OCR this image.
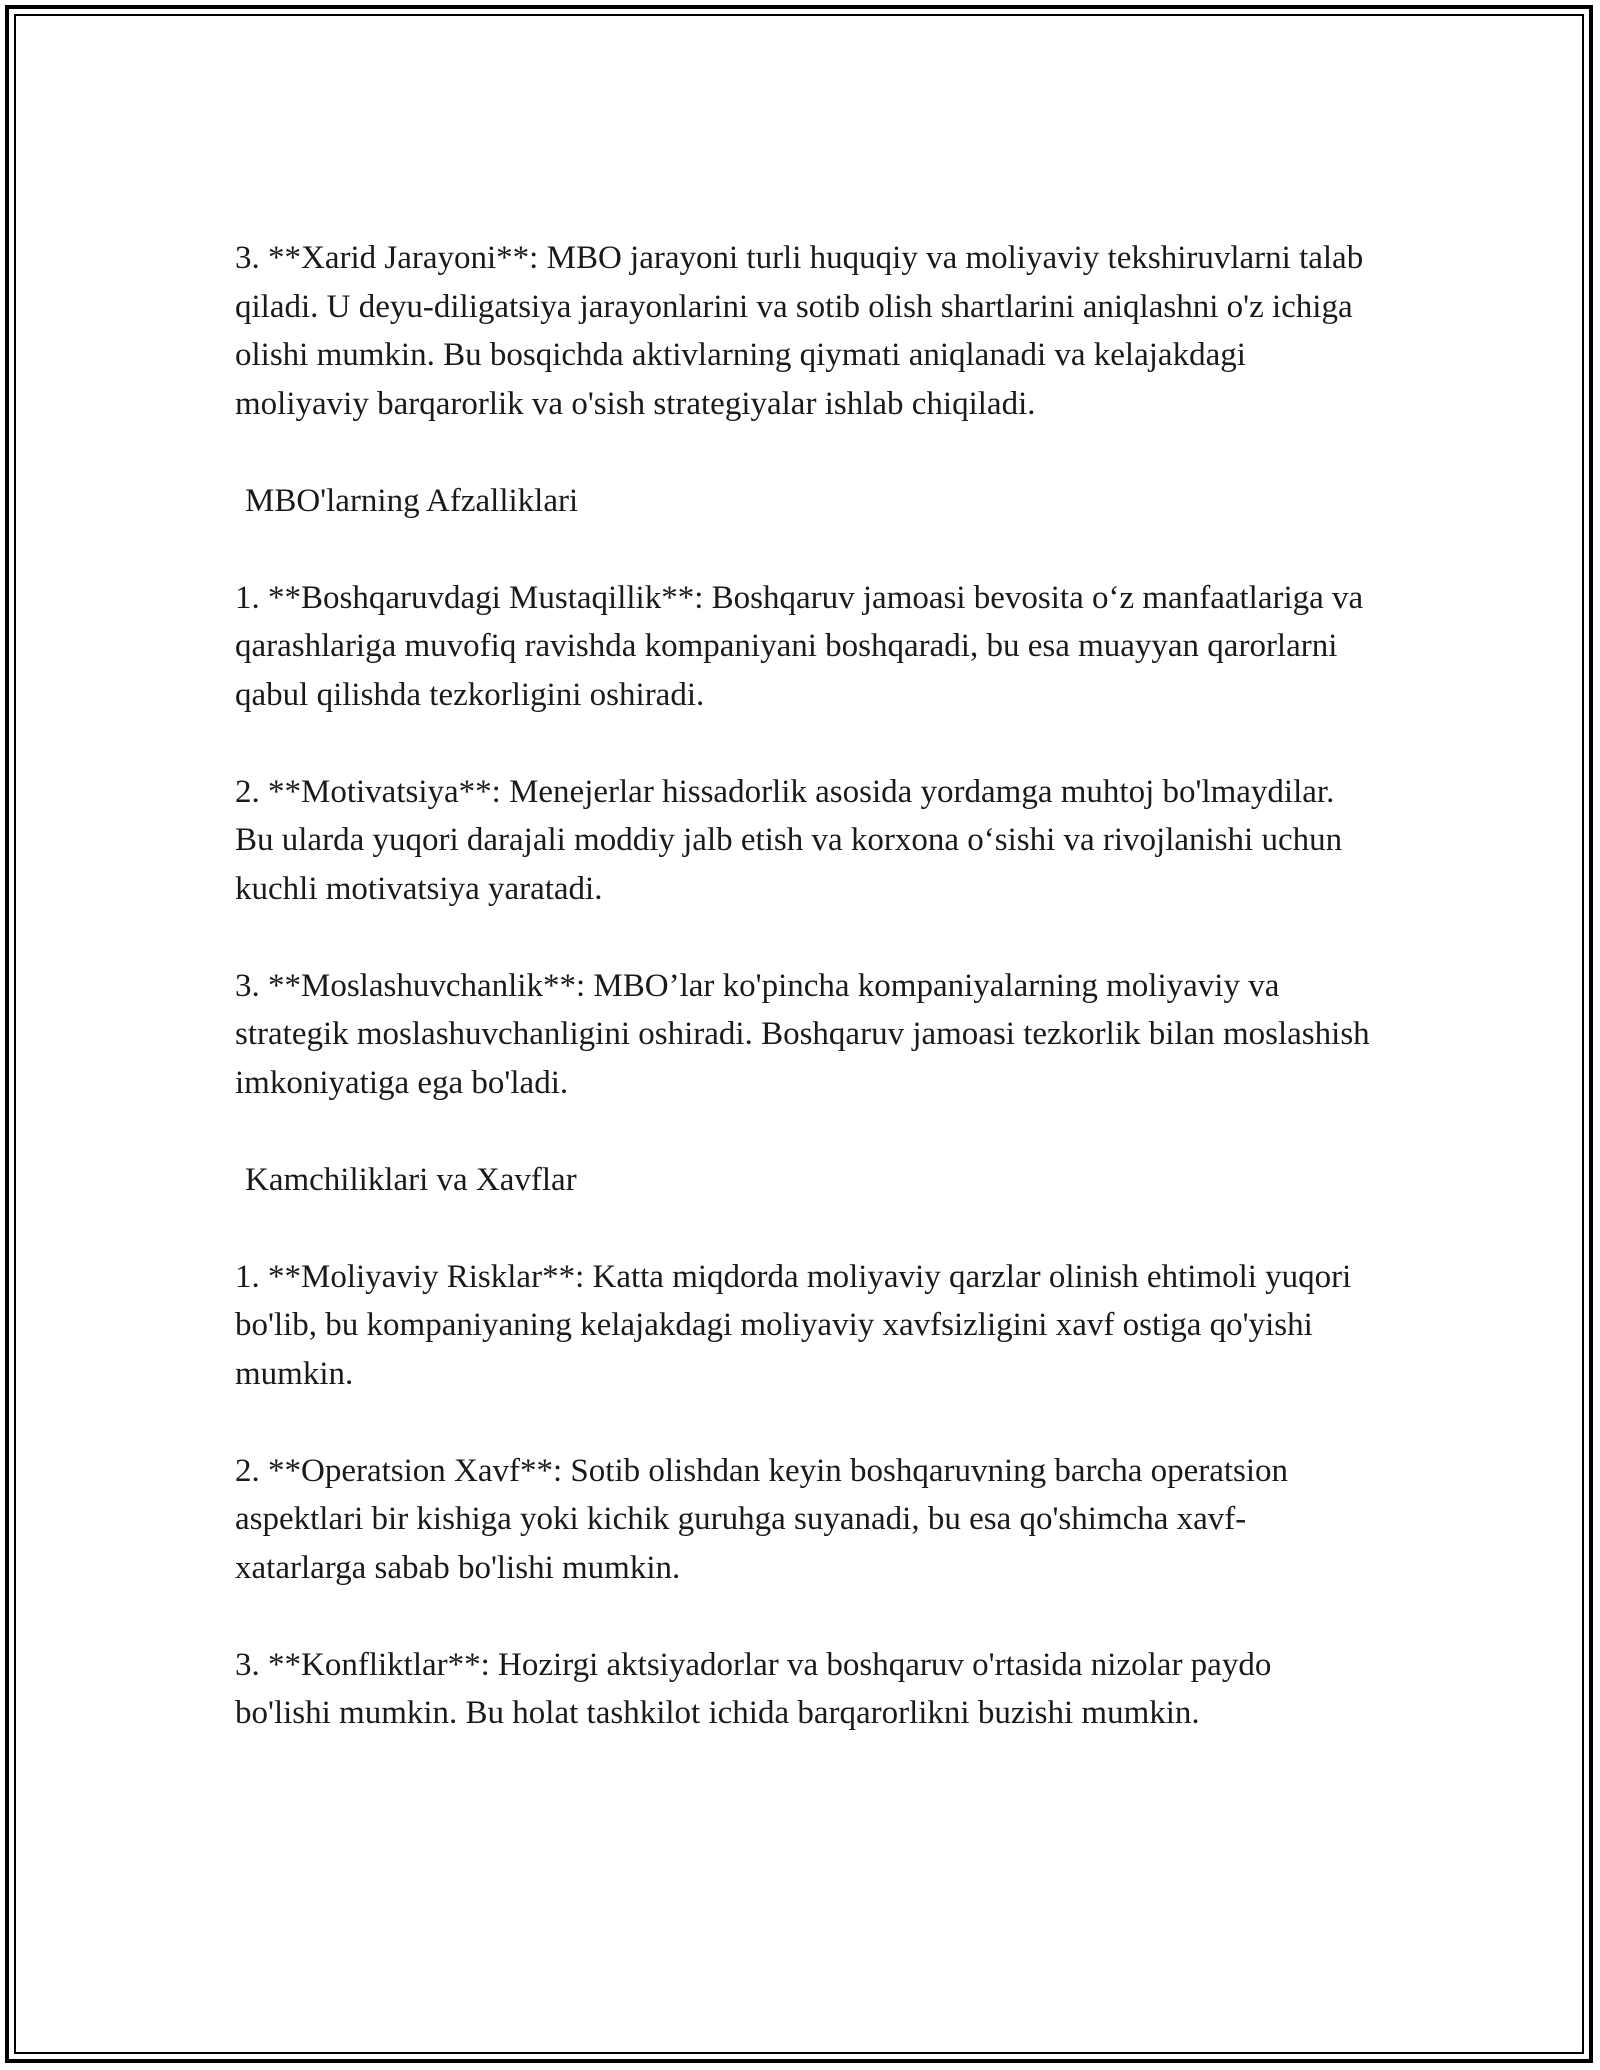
3. **Xarid Jarayoni**: MBO jarayoni turli huquqiy va moliyaviy tekshiruvlarni talab qiladi. U deyu-diligatsiya jarayonlarini va sotib olish shartlarini aniqlashni o'z ichiga olishi mumkin. Bu bosqichda aktivlarning qiymati aniqlanadi va kelajakdagi moliyaviy barqarorlik va o'sish strategiyalar ishlab chiqiladi.

MBO'larning Afzalliklari

1. **Boshqaruvdagi Mustaqillik**: Boshqaruv jamoasi bevosita o‘z manfaatlariga va qarashlariga muvofiq ravishda kompaniyani boshqaradi, bu esa muayyan qarorlarni qabul qilishda tezkorligini oshiradi.

2. **Motivatsiya**: Menejerlar hissadorlik asosida yordamga muhtoj bo'lmaydilar. Bu ularda yuqori darajali moddiy jalb etish va korxona o‘sishi va rivojlanishi uchun kuchli motivatsiya yaratadi.

3. **Moslashuvchanlik**: MBO’lar ko'pincha kompaniyalarning moliyaviy va strategik moslashuvchanligini oshiradi. Boshqaruv jamoasi tezkorlik bilan moslashish imkoniyatiga ega bo'ladi.

Kamchiliklari va Xavflar

1. **Moliyaviy Risklar**: Katta miqdorda moliyaviy qarzlar olinish ehtimoli yuqori bo'lib, bu kompaniyaning kelajakdagi moliyaviy xavfsizligini xavf ostiga qo'yishi mumkin.

2. **Operatsion Xavf**: Sotib olishdan keyin boshqaruvning barcha operatsion aspektlari bir kishiga yoki kichik guruhga suyanadi, bu esa qo'shimcha xavf-xatarlarga sabab bo'lishi mumkin.

3. **Konfliktlar**: Hozirgi aktsiyadorlar va boshqaruv o'rtasida nizolar paydo bo'lishi mumkin. Bu holat tashkilot ichida barqarorlikni buzishi mumkin.
